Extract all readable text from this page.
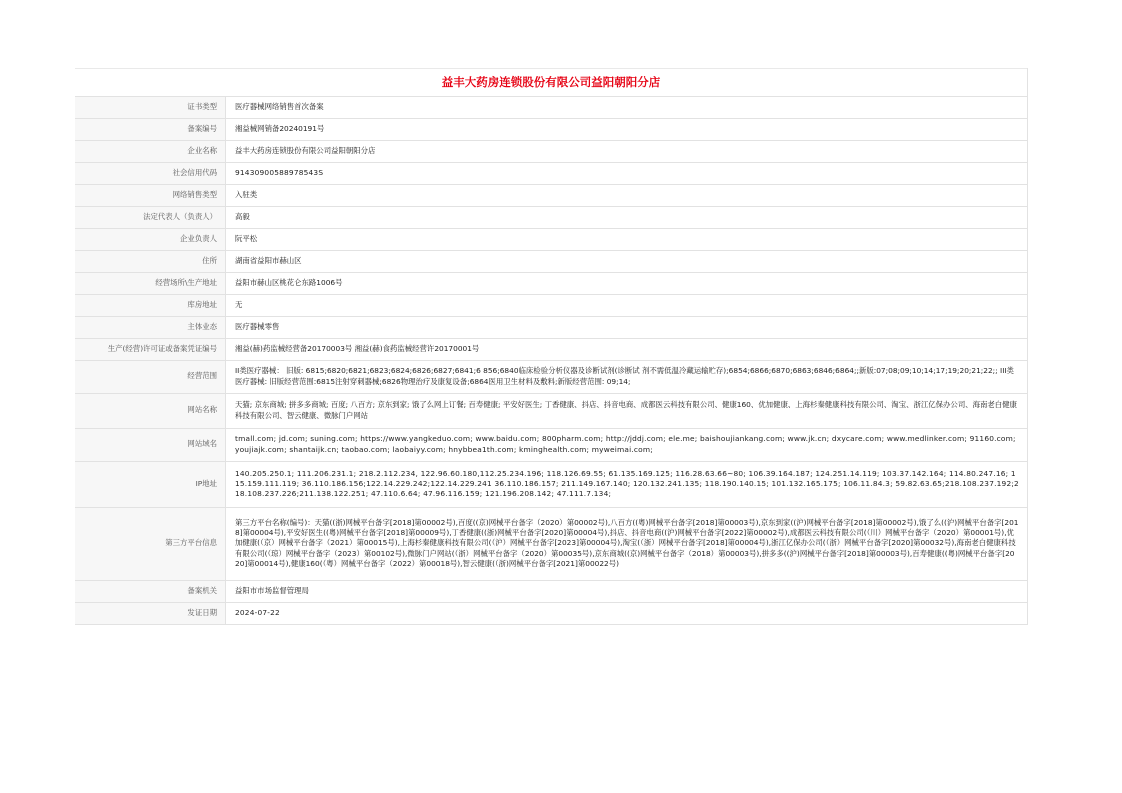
益丰大药房连锁股份有限公司益阳朝阳分店
证书类型	医疗器械网络销售首次备案
备案编号	湘益械网销备20240191号
企业名称	益丰大药房连锁股份有限公司益阳朝阳分店
社会信用代码	91430900588978543S
网络销售类型	入驻类
法定代表人（负责人）	高毅
企业负责人	阮平松
住所	湖南省益阳市赫山区
经营场所\生产地址	益阳市赫山区桃花仑东路1006号
库房地址	无
主体业态	医疗器械零售
生产(经营)许可证或备案凭证编号	湘益(赫)药监械经营备20170003号 湘益(赫)食药监械经营许20170001号
经营范围	II类医疗器械： 旧版: 6815;6820;6821;6823;6824;6826;6827;6841;6 856;6840临床检验分析仪器及诊断试剂(诊断试 剂不需低温冷藏运输贮存);6854;6866;6870;6863;6846;6864;;新版:07;08;09;10;14;17;19;20;21;22;; III类医疗器械: 旧版经营范围:6815注射穿刺器械;6826物理治疗及康复设备;6864医用卫生材料及敷料;新版经营范围: 09;14;
网站名称	天猫; 京东商城; 拼多多商城; 百度; 八百方; 京东到家; 饿了么网上订餐; 百寿健康; 平安好医生; 丁香健康、抖店、抖音电商、成都医云科技有限公司、健康160、优加健康、上海杉秦健康科技有限公司、淘宝、浙江亿保办公司、海南老白健康科技有限公司、智云健康、微脉门户网站
网站域名	tmall.com; jd.com; suning.com; https://www.yangkeduo.com; www.baidu.com; 800pharm.com; http://jddj.com; ele.me; baishoujiankang.com; www.jk.cn; dxycare.com; www.medlinker.com; 91160.com; youjiajk.com; shantaijk.cn; taobao.com; laobaiyy.com; hnybbea1th.com; kminghealth.com; myweimai.com;
IP地址	140.205.250.1; 111.206.231.1; 218.2.112.234, 122.96.60.180,112.25.234.196; 118.126.69.55; 61.135.169.125; 116.28.63.66~80; 106.39.164.187; 124.251.14.119; 103.37.142.164; 114.80.247.16; 115.159.111.119; 36.110.186.156;122.14.229.242;122.14.229.241 36.110.186.157; 211.149.167.140; 120.132.241.135; 118.190.140.15; 101.132.165.175; 106.11.84.3; 59.82.63.65;218.108.237.192;218.108.237.226;211.138.122.251; 47.110.6.64; 47.96.116.159; 121.196.208.142; 47.111.7.134;
第三方平台信息	第三方平台名称(编号)：天猫((浙)网械平台备字[2018]第00002号),百度((京)网械平台备字（2020）第00002号),八百方((粤)网械平台备字[2018]第00003号),京东到家((沪)网械平台备字[2018]第00002号),饿了么((沪)网械平台备字[2018]第00004号),平安好医生((粤)网械平台备字[2018]第00009号),丁香健康((浙)网械平台备字[2020]第00004号),抖店、抖音电商((沪)网械平台备字[2022]第00002号),成都医云科技有限公司(（川）网械平台备字（2020）第00001号),优加健康(（京）网械平台备字（2021）第00015号),上海杉秦健康科技有限公司(（沪）网械平台备字[2023]第00004号),淘宝(（浙）网械平台备字[2018]第00004号),浙江亿保办公司(（浙）网械平台备字[2020]第00032号),海南老白健康科技有限公司(（琼）网械平台备字（2023）第00102号),微脉门户网站(（浙）网械平台备字（2020）第00035号),京东商城((京)网械平台备字（2018）第00003号),拼多多((沪)网械平台备字[2018]第00003号),百寿健康((粤)网械平台备字[2020]第00014号),健康160(（粤）网械平台备字（2022）第00018号),智云健康(（浙)网械平台备字[2021]第00022号)
备案机关	益阳市市场监督管理局
发证日期	2024-07-22
